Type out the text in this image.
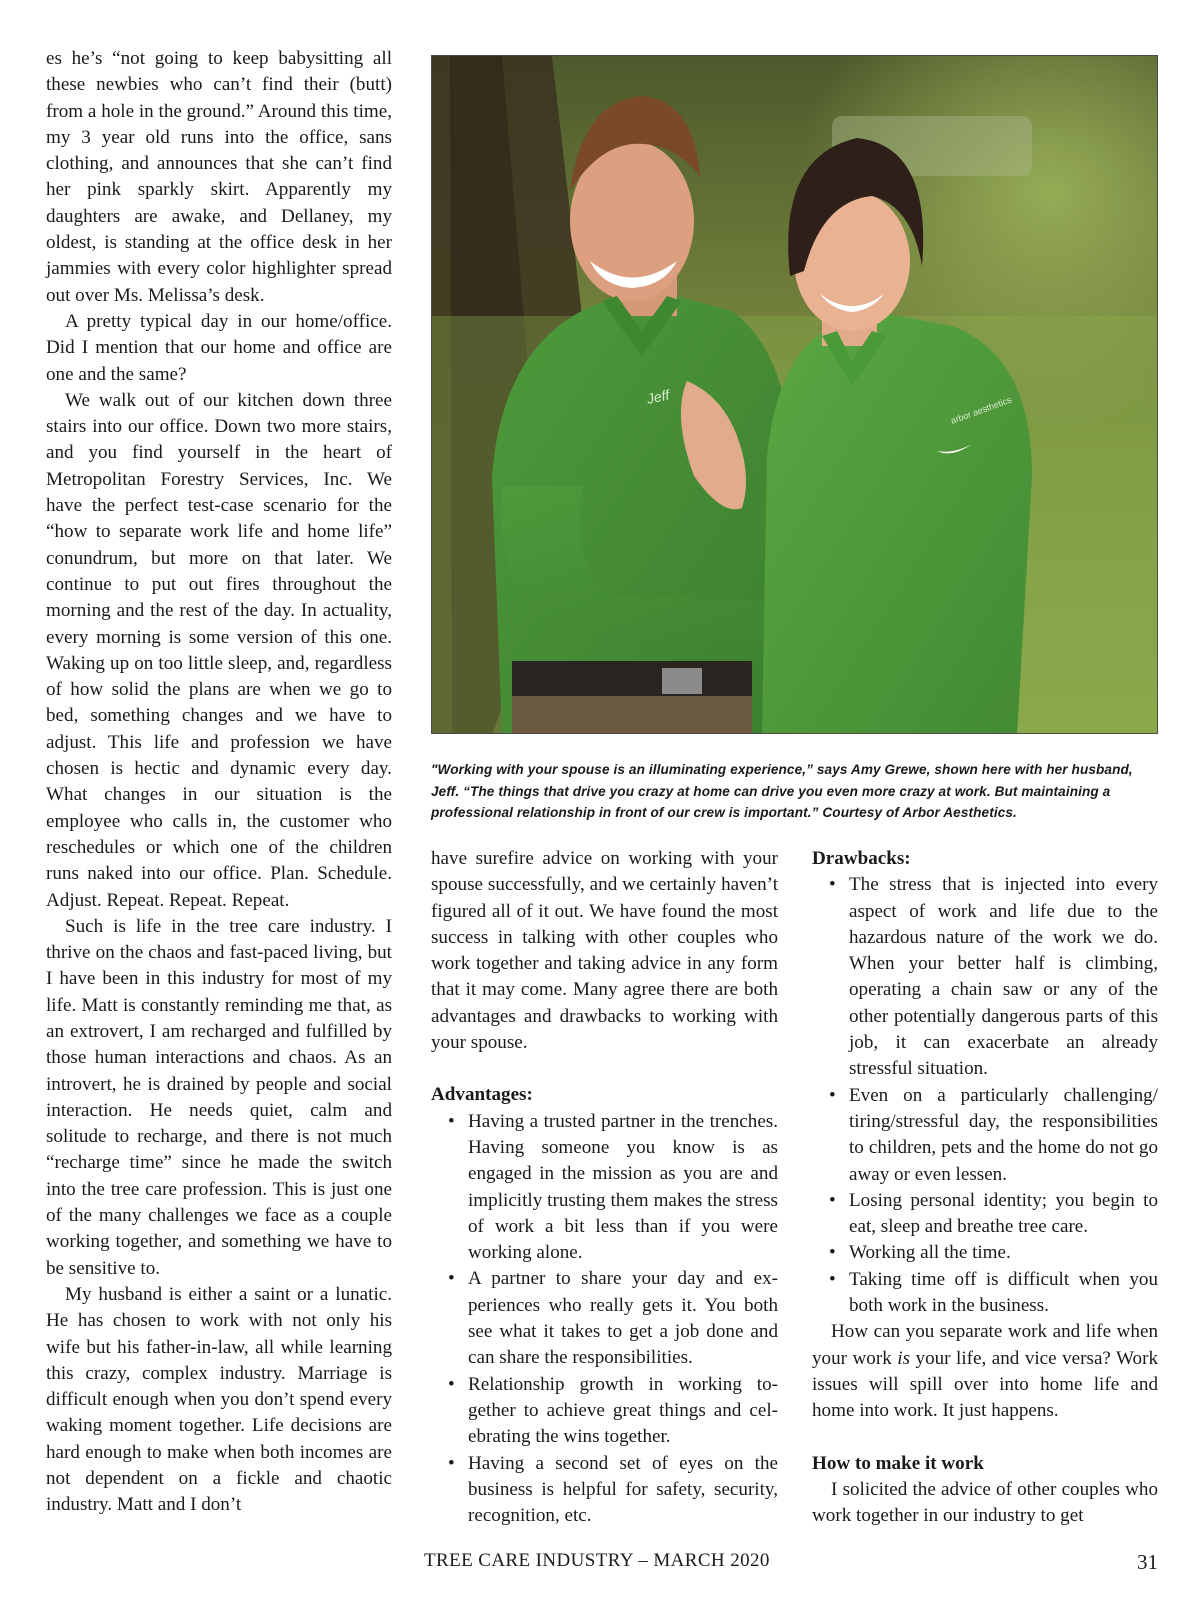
es he’s “not going to keep babysitting all these newbies who can’t find their (butt) from a hole in the ground.” Around this time, my 3 year old runs into the office, sans clothing, and announces that she can’t find her pink sparkly skirt. Apparently my daughters are awake, and Dellaney, my oldest, is standing at the office desk in her jammies with every color highlighter spread out over Ms. Melissa’s desk.

A pretty typical day in our home/office. Did I mention that our home and office are one and the same?

We walk out of our kitchen down three stairs into our office. Down two more stairs, and you find yourself in the heart of Metropolitan Forestry Services, Inc. We have the perfect test-case scenario for the “how to separate work life and home life” conundrum, but more on that later. We continue to put out fires throughout the morning and the rest of the day. In actuality, every morning is some version of this one. Waking up on too little sleep, and, regardless of how solid the plans are when we go to bed, something changes and we have to adjust. This life and profession we have chosen is hectic and dynamic every day. What changes in our situation is the employee who calls in, the customer who reschedules or which one of the children runs naked into our office. Plan. Schedule. Adjust. Repeat. Repeat. Repeat.

Such is life in the tree care industry. I thrive on the chaos and fast-paced living, but I have been in this industry for most of my life. Matt is constantly reminding me that, as an extrovert, I am recharged and fulfilled by those human interactions and chaos. As an introvert, he is drained by people and social interaction. He needs quiet, calm and solitude to recharge, and there is not much “recharge time” since he made the switch into the tree care profession. This is just one of the many challenges we face as a couple working together, and something we have to be sensitive to.

My husband is either a saint or a lunatic. He has chosen to work with not only his wife but his father-in-law, all while learning this crazy, complex industry. Marriage is difficult enough when you don’t spend every waking moment together. Life decisions are hard enough to make when both incomes are not dependent on a fickle and chaotic industry. Matt and I don’t

Jeff	arbor aesthetics
"Working with your spouse is an illuminating experience,” says Amy Grewe, shown here with her husband, Jeff. “The things that drive you crazy at home can drive you even more crazy at work. But maintaining a professional relationship in front of our crew is important.” Courtesy of Arbor Aesthetics.

have surefire advice on working with your spouse successfully, and we certainly haven’t figured all of it out. We have found the most success in talking with other couples who work together and taking advice in any form that it may come. Many agree there are both advantages and drawbacks to working with your spouse.

Advantages:

• Having a trusted partner in the trenches. Having someone you know is as engaged in the mission as you are and implicitly trusting them makes the stress of work a bit less than if you were working alone.
• A partner to share your day and experiences who really gets it. You both see what it takes to get a job done and can share the responsibilities.
• Relationship growth in working together to achieve great things and celebrating the wins together.
• Having a second set of eyes on the business is helpful for safety, security, recognition, etc.

Drawbacks:

• The stress that is injected into every aspect of work and life due to the hazardous nature of the work we do. When your better half is climbing, operating a chain saw or any of the other potentially dangerous parts of this job, it can exacerbate an already stressful situation.
• Even on a particularly challenging/ tiring/stressful day, the responsibilities to children, pets and the home do not go away or even lessen.
• Losing personal identity; you begin to eat, sleep and breathe tree care.
• Working all the time.
• Taking time off is difficult when you both work in the business.

How can you separate work and life when your work is your life, and vice versa? Work issues will spill over into home life and home into work. It just happens.

How to make it work

I solicited the advice of other couples who work together in our industry to get

TREE CARE INDUSTRY – MARCH 2020	31
